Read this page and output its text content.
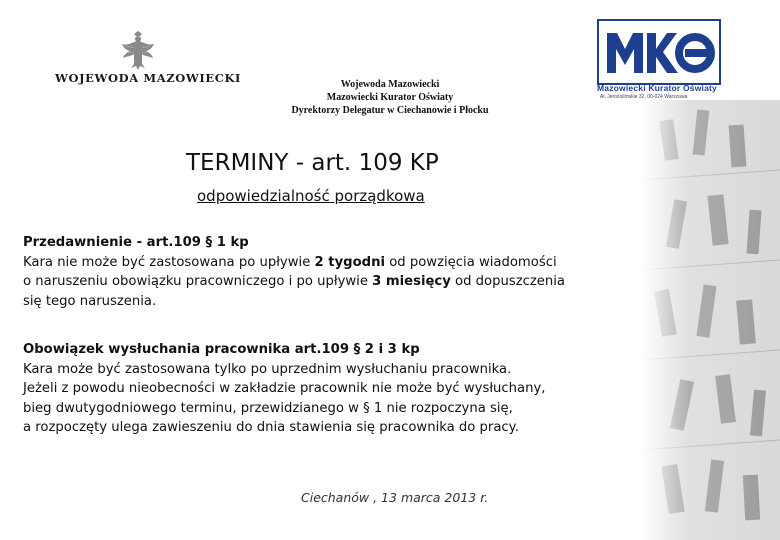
WOJEWODA MAZOWIECKI	Wojewoda Mazowiecki
Mazowiecki Kurator Oświaty
Dyrektorzy Delegatur w Ciechanowie i Płocku
Mazowiecki Kurator Oświaty
Al. Jerozolimskie 32, 00-024 Warszawa
TERMINY - art. 109 KP
odpowiedzialność porządkowa
Przedawnienie - art.109 § 1 kp
Kara nie może być zastosowana po upływie 2 tygodni od powzięcia wiadomości
o naruszeniu obowiązku pracowniczego i po upływie 3 miesięcy od dopuszczenia
się tego naruszenia.
Obowiązek wysłuchania pracownika art.109 § 2 i 3 kp
Kara może być zastosowana tylko po uprzednim wysłuchaniu pracownika.
Jeżeli z powodu nieobecności w zakładzie pracownik nie może być wysłuchany,
bieg dwutygodniowego terminu, przewidzianego w § 1 nie rozpoczyna się,
a rozpoczęty ulega zawieszeniu do dnia stawienia się pracownika do pracy.
Ciechanów , 13 marca 2013 r.
